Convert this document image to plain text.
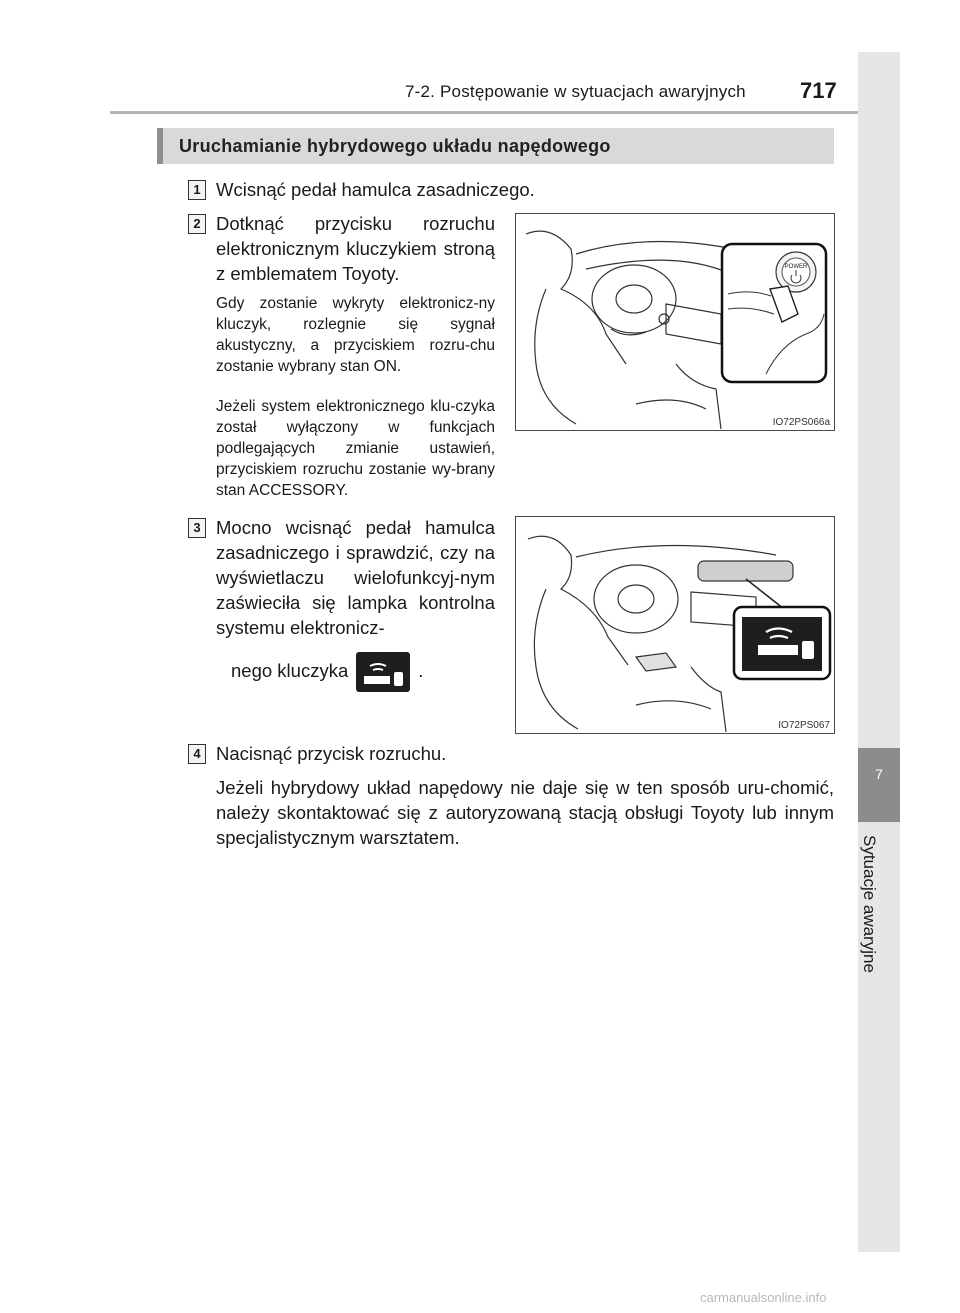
7
Sytuacje awaryjne
7-2. Postępowanie w sytuacjach awaryjnych 717
Uruchamianie hybrydowego układu napędowego
1 Wcisnąć pedał hamulca zasadniczego.
2 Dotknąć przycisku rozruchu elektronicznym kluczykiem stroną z emblematem Toyoty.
Gdy zostanie wykryty elektronicz-ny kluczyk, rozlegnie się sygnał akustyczny, a przyciskiem rozru-chu zostanie wybrany stan ON.
Jeżeli system elektronicznego klu-czyka został wyłączony w funkcjach podlegających zmianie ustawień, przyciskiem rozruchu zostanie wy-brany stan ACCESSORY.
POWER
IO72PS066a
3 Mocno wcisnąć pedał hamulca zasadniczego i sprawdzić, czy na wyświetlaczu wielofunkcyj-nym zaświeciła się lampka kontrolna systemu elektronicz-
nego kluczyka	.
IO72PS067
4 Nacisnąć przycisk rozruchu.
Jeżeli hybrydowy układ napędowy nie daje się w ten sposób uru-chomić, należy skontaktować się z autoryzowaną stacją obsługi Toyoty lub innym specjalistycznym warsztatem.
carmanualsonline.info
